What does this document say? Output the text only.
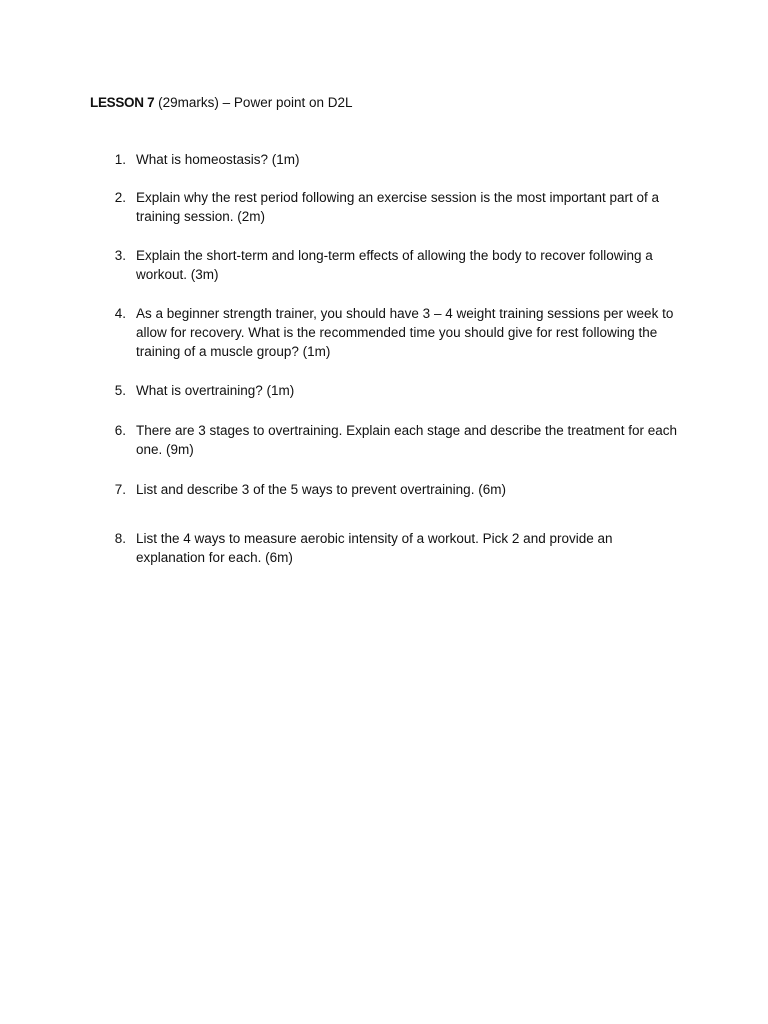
LESSON 7 (29marks) – Power point on D2L
1. What is homeostasis? (1m)
2. Explain why the rest period following an exercise session is the most important part of a training session. (2m)
3. Explain the short-term and long-term effects of allowing the body to recover following a workout. (3m)
4. As a beginner strength trainer, you should have 3 – 4 weight training sessions per week to allow for recovery. What is the recommended time you should give for rest following the training of a muscle group? (1m)
5. What is overtraining? (1m)
6. There are 3 stages to overtraining. Explain each stage and describe the treatment for each one. (9m)
7. List and describe 3 of the 5 ways to prevent overtraining. (6m)
8. List the 4 ways to measure aerobic intensity of a workout. Pick 2 and provide an explanation for each. (6m)
